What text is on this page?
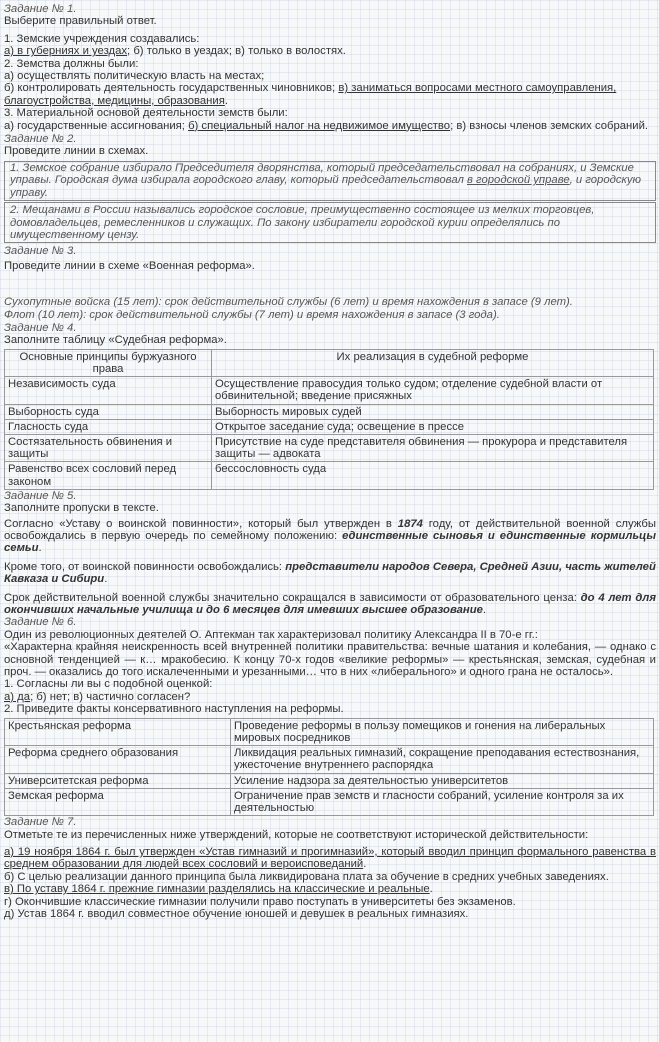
Задание № 1.

Выберите правильный ответ.

1. Земские учреждения создавались:

а) в губерниях и уездах; б) только в уездах; в) только в волостях.

2. Земства должны были:

а) осуществлять политическую власть на местах;

б) контролировать деятельность государственных чиновников; в) заниматься вопросами местного самоуправления, благоустройства, медицины, образования.

3. Материальной основой деятельности земств были:

а) государственные ассигнования; б) специальный налог на недвижимое имущество; в) взносы членов земских собраний.

Задание № 2.

Проведите линии в схемах.

1. Земское собрание избирало Председителя дворянства, который председательствовал на собраниях, и Земские управы. Городская дума избирала городского главу, который председательствовал в городской управе, и городскую управу.
2. Мещанами в России назывались городское сословие, преимущественно состоящее из мелких торговцев, домовладельцев, ремесленников и служащих. По закону избиратели городской курии определялись по имущественному цензу.

Задание № 3.

Проведите линии в схеме «Военная реформа».

Сухопутные войска (15 лет): срок действительной службы (6 лет) и время нахождения в запасе (9 лет).

Флот (10 лет): срок действительной службы (7 лет) и время нахождения в запасе (3 года).

Задание № 4.

Заполните таблицу «Судебная реформа».

Основные принципы буржуазного права	Их реализация в судебной реформе
Независимость суда	Осуществление правосудия только судом; отделение судебной власти от обвинительной; введение присяжных
Выборность суда	Выборность мировых судей
Гласность суда	Открытое заседание суда; освещение в прессе
Состязательность обвинения и защиты	Присутствие на суде представителя обвинения — прокурора и представителя защиты — адвоката
Равенство всех сословий перед законом	бессословность суда

Задание № 5.

Заполните пропуски в тексте.

Согласно «Уставу о воинской повинности», который был утвержден в 1874 году, от действительной военной службы освобождались в первую очередь по семейному положению: единственные сыновья и единственные кормильцы семьи.

Кроме того, от воинской повинности освобождались: представители народов Севера, Средней Азии, часть жителей Кавказа и Сибири.

Срок действительной военной службы значительно сокращался в зависимости от образовательного ценза: до 4 лет для окончивших начальные училища и до 6 месяцев для имевших высшее образование.

Задание № 6.

Один из революционных деятелей О. Аптекман так характеризовал политику Александра II в 70-е гг.:

«Характерна крайняя неискренность всей внутренней политики правительства: вечные шатания и колебания, — однако с основной тенденцией — к… мракобесию. К концу 70-х годов «великие реформы» — крестьянская, земская, судебная и проч. — оказались до того искалеченными и урезанными… что в них «либерального» и одного грана не осталось».

1. Согласны ли вы с подобной оценкой:

а) да; б) нет; в) частично согласен?

2. Приведите факты консервативного наступления на реформы.

Крестьянская реформа	Проведение реформы в пользу помещиков и гонения на либеральных мировых посредников
Реформа среднего образования	Ликвидация реальных гимназий, сокращение преподавания естествознания, ужесточение внутреннего распорядка
Университетская реформа	Усиление надзора за деятельностью университетов
Земская реформа	Ограничение прав земств и гласности собраний, усиление контроля за их деятельностью

Задание № 7.

Отметьте те из перечисленных ниже утверждений, которые не соответствуют исторической действительности:

а) 19 ноября 1864 г. был утвержден «Устав гимназий и прогимназий», который вводил принцип формального равенства в среднем образовании для людей всех сословий и вероисповеданий.

б) С целью реализации данного принципа была ликвидирована плата за обучение в средних учебных заведениях.

в) По уставу 1864 г. прежние гимназии разделялись на классические и реальные.

г) Окончившие классические гимназии получили право поступать в университеты без экзаменов.

д) Устав 1864 г. вводил совместное обучение юношей и девушек в реальных гимназиях.
